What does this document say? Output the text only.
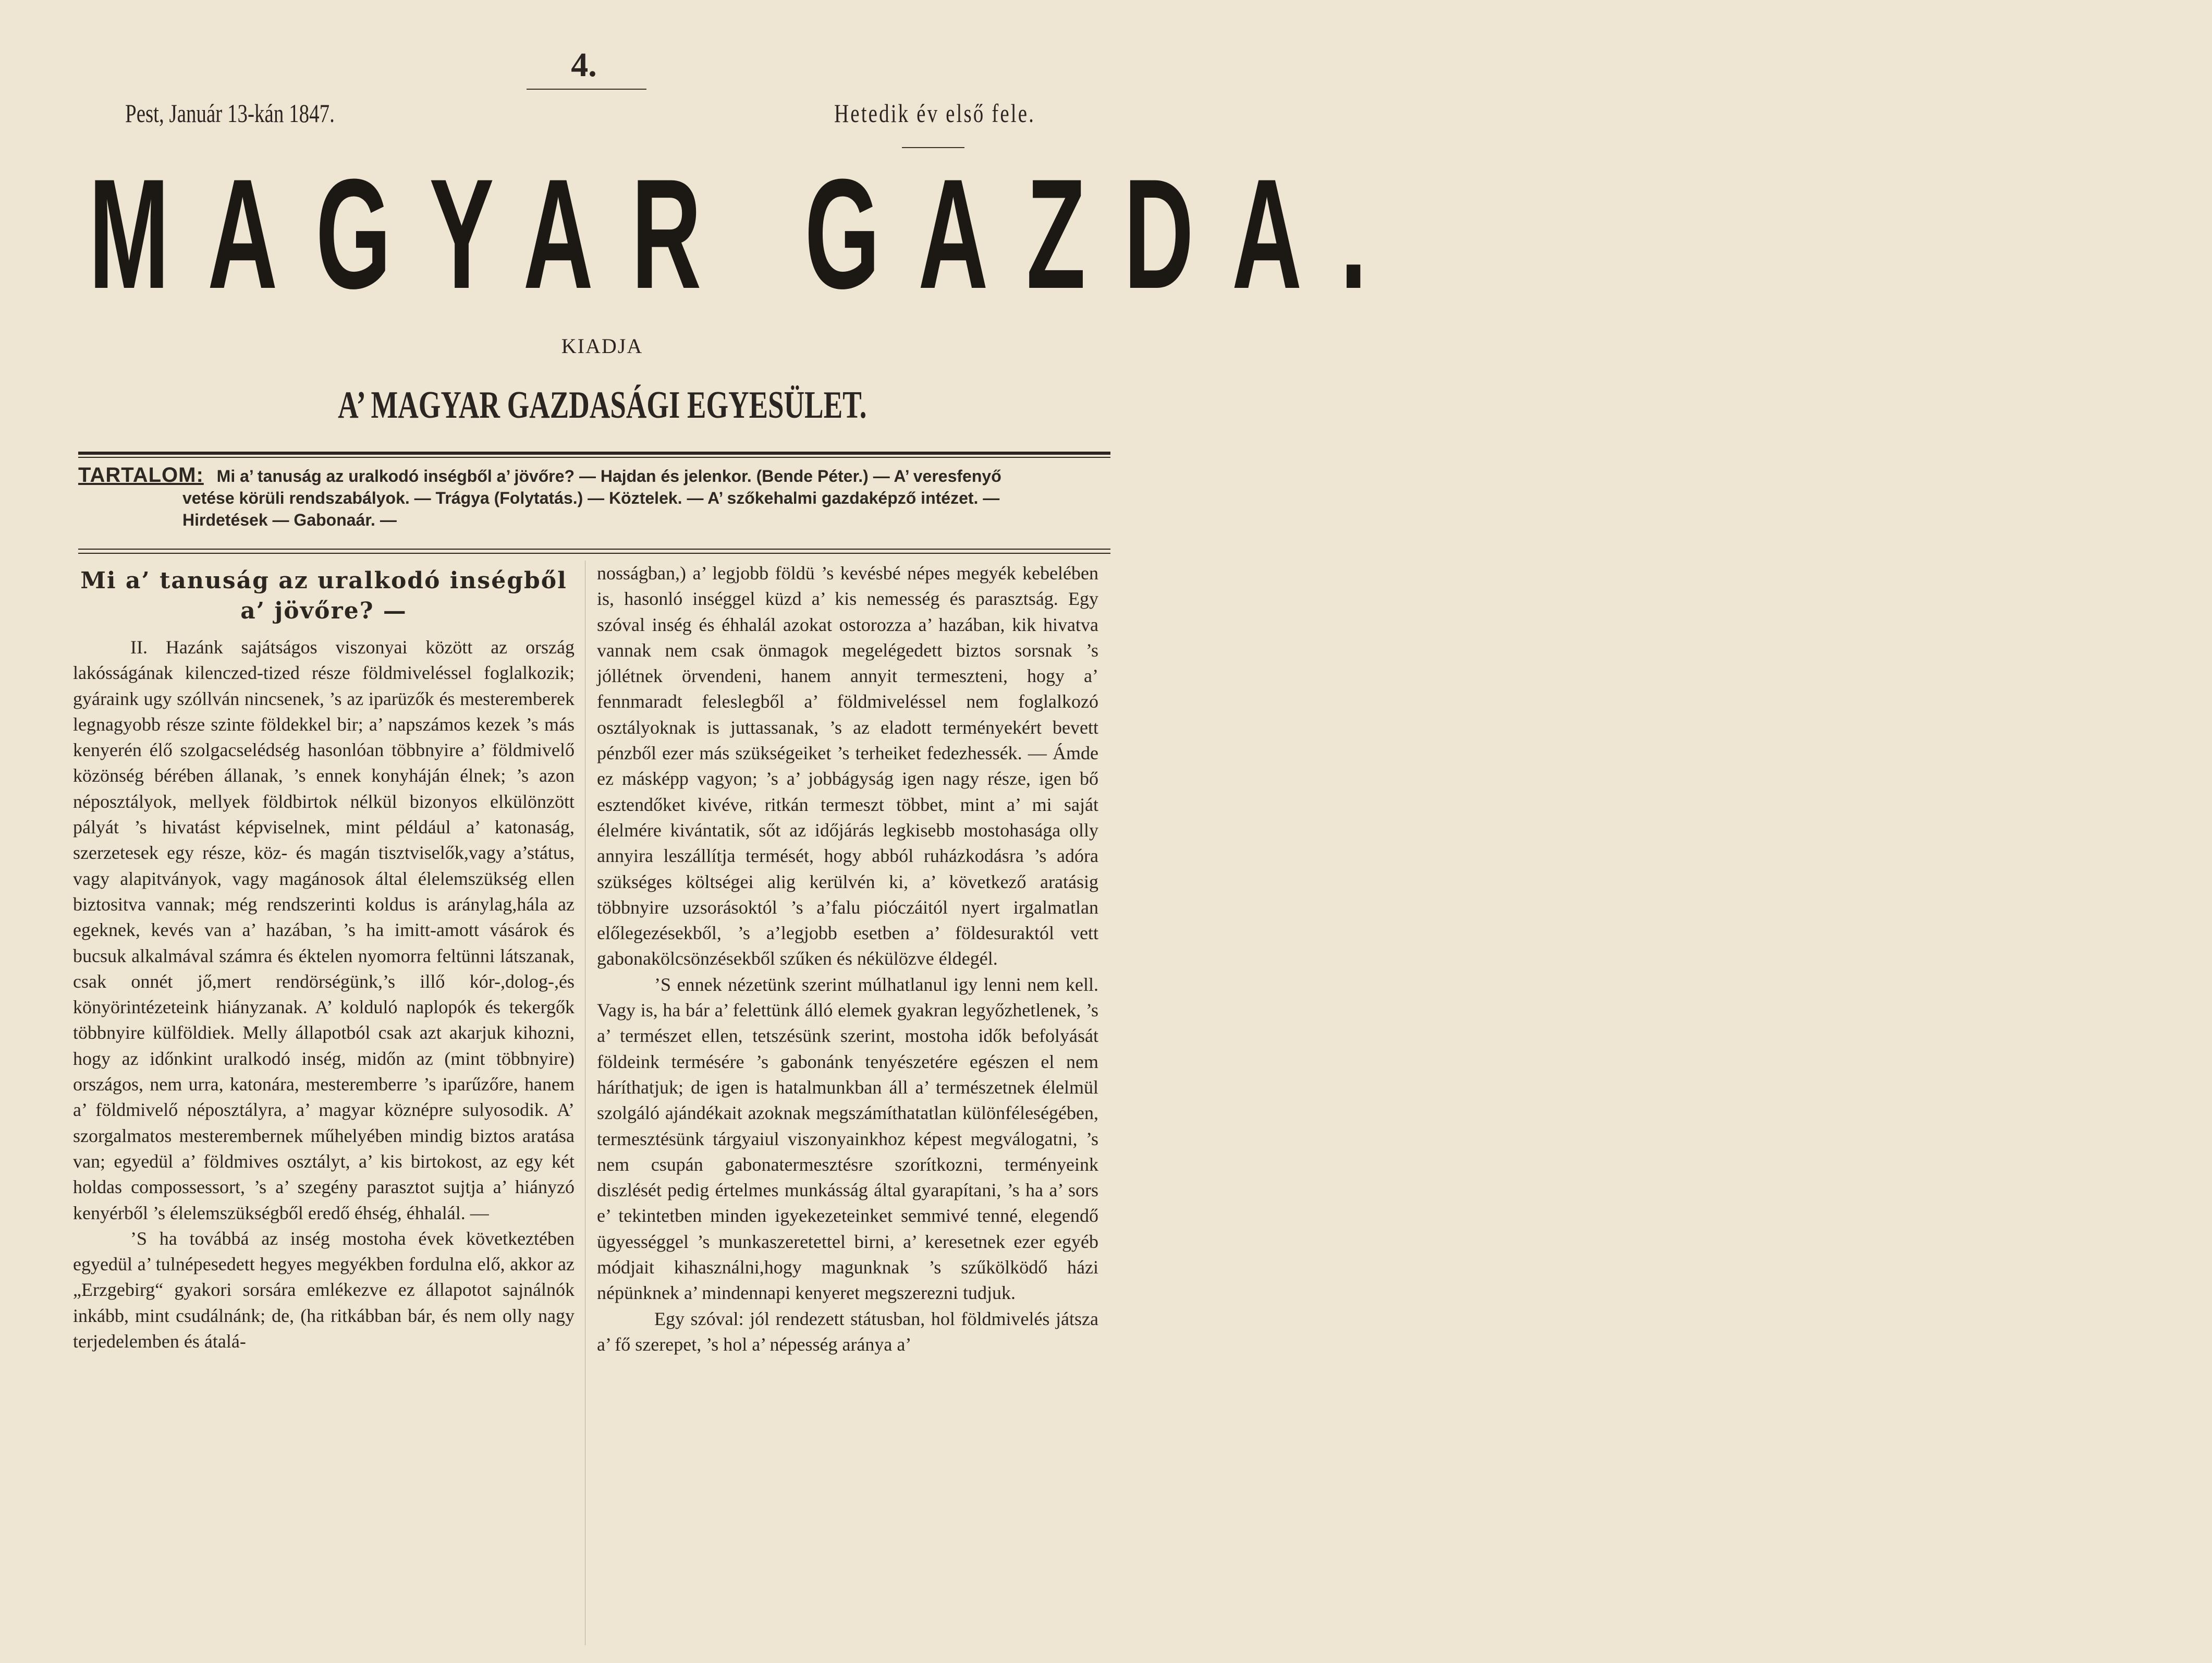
4.
Pest, Január 13-kán 1847.	Hetedik év első fele.
MAGYAR GAZDA.
KIADJA
A’ MAGYAR GAZDASÁGI EGYESÜLET.
TARTALOM: Mi a’ tanuság az uralkodó inségből a’ jövőre? — Hajdan és jelenkor. (Bende Péter.) — A’ veresfenyő
vetése körüli rendszabályok. — Trágya (Folytatás.) — Köztelek. — A’ szőkehalmi gazdaképző intézet. —
Hirdetések — Gabonaár. —
Mi a’ tanuság az uralkodó inségből
a’ jövőre? —

II. Hazánk sajátságos viszonyai között az ország lakósságának kilenczed-tized része földmiveléssel foglalkozik; gyáraink ugy szóllván nincsenek, ’s az iparüzők és mesteremberek legnagyobb része szinte földekkel bir; a’ napszámos kezek ’s más kenyerén élő szolgacselédség hasonlóan többnyire a’ földmivelő közönség bérében állanak, ’s ennek konyháján élnek; ’s azon néposztályok, mellyek földbirtok nélkül bizonyos elkülönzött pályát ’s hivatást képviselnek, mint például a’ katonaság, szerzetesek egy része, köz- és magán tisztviselők,vagy a’státus, vagy alapitványok, vagy magánosok által élelemszükség ellen biztositva vannak; még rendszerinti koldus is aránylag,hála az egeknek, kevés van a’ hazában, ’s ha imitt-amott vásárok és bucsuk alkalmával számra és éktelen nyomorra feltünni látszanak, csak onnét jő,mert rendörségünk,’s illő kór-,dolog-,és könyörintézeteink hiányzanak. A’ kolduló naplopók és tekergők többnyire külföldiek. Melly állapotból csak azt akarjuk kihozni, hogy az időnkint uralkodó inség, midőn az (mint többnyire) országos, nem urra, katonára, mesteremberre ’s iparűzőre, hanem a’ földmivelő néposztályra, a’ magyar köznépre sulyosodik. A’ szorgalmatos mesterembernek műhelyében mindig biztos aratása van; egyedül a’ földmives osztályt, a’ kis birtokost, az egy két holdas compossessort, ’s a’ szegény parasztot sujtja a’ hiányzó kenyérből ’s élelemszükségből eredő éhség, éhhalál. —

’S ha továbbá az inség mostoha évek következtében egyedül a’ tulnépesedett hegyes megyékben fordulna elő, akkor az „Erzgebirg“ gyakori sorsára emlékezve ez állapotot sajnálnók inkább, mint csudálnánk; de, (ha ritkábban bár, és nem olly nagy terjedelemben és átalá-

nosságban,) a’ legjobb földü ’s kevésbé népes megyék kebelében is, hasonló inséggel küzd a’ kis nemesség és parasztság. Egy szóval inség és éhhalál azokat ostorozza a’ hazában, kik hivatva vannak nem csak önmagok megelégedett biztos sorsnak ’s jóllétnek örvendeni, hanem annyit termeszteni, hogy a’ fennmaradt feleslegből a’ földmiveléssel nem foglalkozó osztályoknak is juttassanak, ’s az eladott terményekért bevett pénzből ezer más szükségeiket ’s terheiket fedezhessék. — Ámde ez másképp vagyon; ’s a’ jobbágyság igen nagy része, igen bő esztendőket kivéve, ritkán termeszt többet, mint a’ mi saját élelmére kivántatik, sőt az időjárás legkisebb mostohasága olly annyira leszállítja termését, hogy abból ruházkodásra ’s adóra szükséges költségei alig kerülvén ki, a’ következő aratásig többnyire uzsorásoktól ’s a’falu pióczáitól nyert irgalmatlan előlegezésekből, ’s a’legjobb esetben a’ földesuraktól vett gabonakölcsönzésekből szűken és nékülözve éldegél.

’S ennek nézetünk szerint múlhatlanul igy lenni nem kell. Vagy is, ha bár a’ felettünk álló elemek gyakran legyőzhetlenek, ’s a’ természet ellen, tetszésünk szerint, mostoha idők befolyását földeink termésére ’s gabonánk tenyészetére egészen el nem háríthatjuk; de igen is hatalmunkban áll a’ természetnek élelmül szolgáló ajándékait azoknak megszámíthatatlan különféleségében, termesztésünk tárgyaiul viszonyainkhoz képest megválogatni, ’s nem csupán gabonatermesztésre szorítkozni, terményeink diszlését pedig értelmes munkásság által gyarapítani, ’s ha a’ sors e’ tekintetben minden igyekezeteinket semmivé tenné, elegendő ügyességgel ’s munkaszeretettel birni, a’ keresetnek ezer egyéb módjait kihasználni,hogy magunknak ’s szűkölködő házi népünknek a’ mindennapi kenyeret megszerezni tudjuk.

Egy szóval: jól rendezett státusban, hol földmivelés játsza a’ fő szerepet, ’s hol a’ népesség aránya a’
